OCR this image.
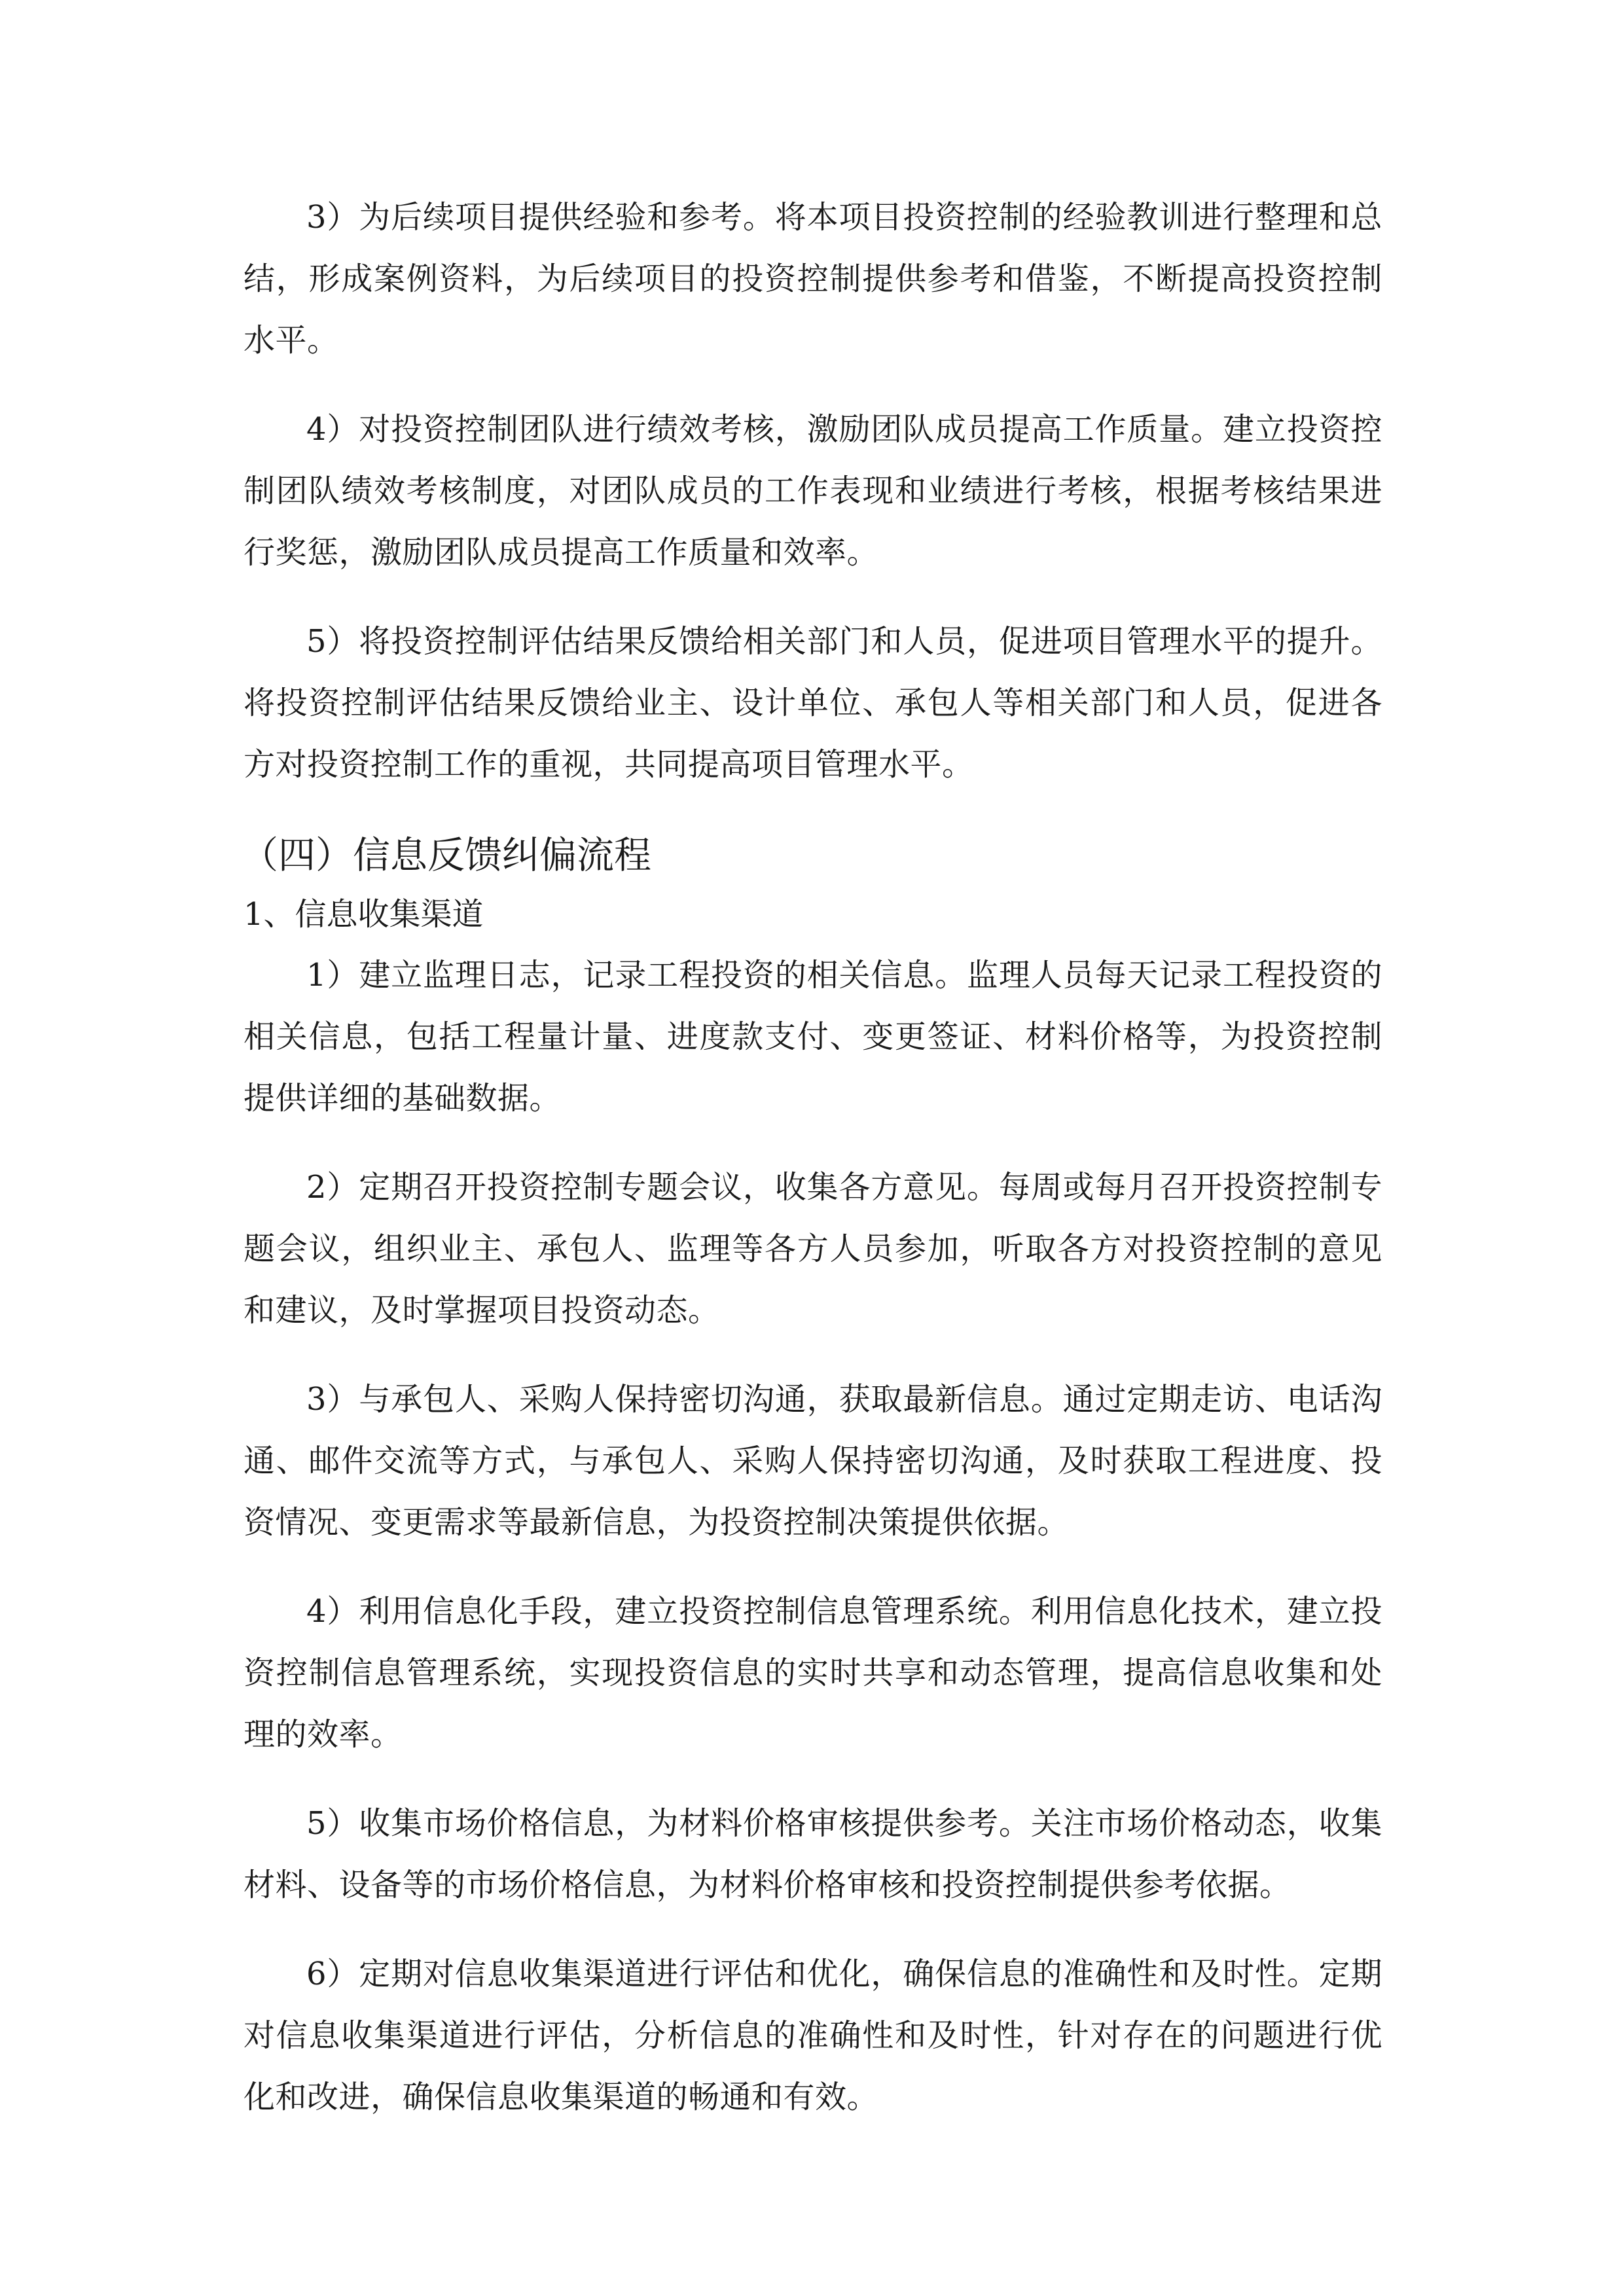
3）为后续项目提供经验和参考。将本项目投资控制的经验教训进行整理和总结，形成案例资料，为后续项目的投资控制提供参考和借鉴，不断提高投资控制水平。

4）对投资控制团队进行绩效考核，激励团队成员提高工作质量。建立投资控制团队绩效考核制度，对团队成员的工作表现和业绩进行考核，根据考核结果进行奖惩，激励团队成员提高工作质量和效率。

5）将投资控制评估结果反馈给相关部门和人员，促进项目管理水平的提升。将投资控制评估结果反馈给业主、设计单位、承包人等相关部门和人员，促进各方对投资控制工作的重视，共同提高项目管理水平。

（四）信息反馈纠偏流程
1、信息收集渠道

1）建立监理日志，记录工程投资的相关信息。监理人员每天记录工程投资的相关信息，包括工程量计量、进度款支付、变更签证、材料价格等，为投资控制提供详细的基础数据。

2）定期召开投资控制专题会议，收集各方意见。每周或每月召开投资控制专题会议，组织业主、承包人、监理等各方人员参加，听取各方对投资控制的意见和建议，及时掌握项目投资动态。

3）与承包人、采购人保持密切沟通，获取最新信息。通过定期走访、电话沟通、邮件交流等方式，与承包人、采购人保持密切沟通，及时获取工程进度、投资情况、变更需求等最新信息，为投资控制决策提供依据。

4）利用信息化手段，建立投资控制信息管理系统。利用信息化技术，建立投资控制信息管理系统，实现投资信息的实时共享和动态管理，提高信息收集和处理的效率。

5）收集市场价格信息，为材料价格审核提供参考。关注市场价格动态，收集材料、设备等的市场价格信息，为材料价格审核和投资控制提供参考依据。

6）定期对信息收集渠道进行评估和优化，确保信息的准确性和及时性。定期对信息收集渠道进行评估，分析信息的准确性和及时性，针对存在的问题进行优化和改进，确保信息收集渠道的畅通和有效。
